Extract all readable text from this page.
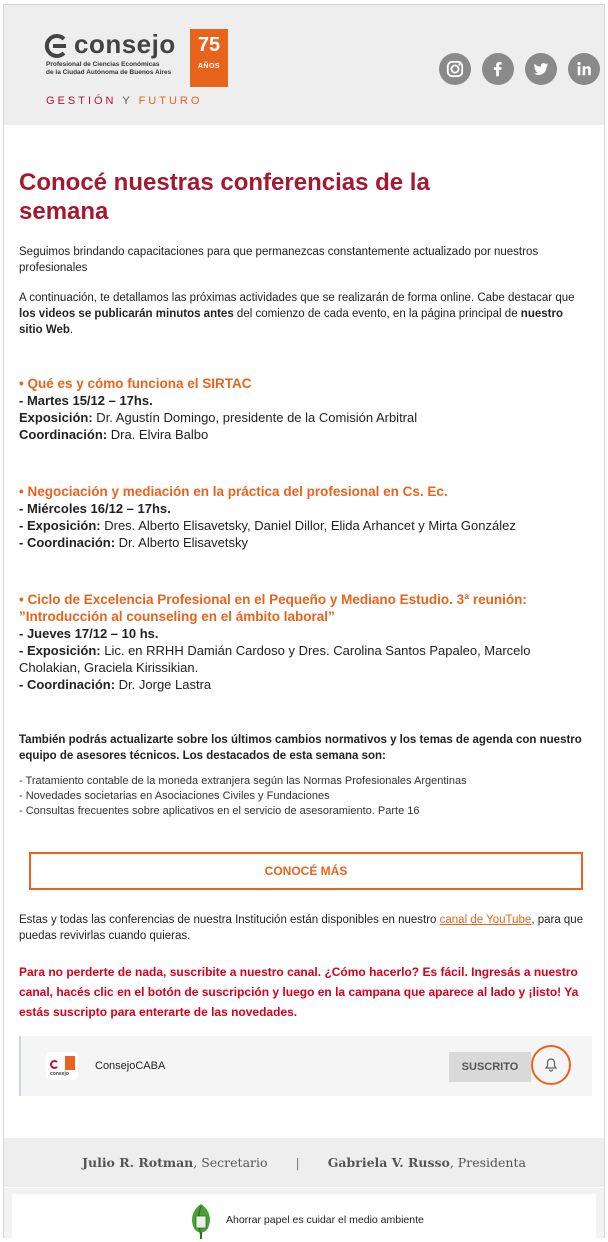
consejo
Profesional de Ciencias Económicas
de la Ciudad Autónoma de Buenos Aires
75
AÑOS
GESTIÓN Y FUTURO
Conocé nuestras conferencias de la semana

Seguimos brindando capacitaciones para que permanezcas constantemente actualizado por nuestros profesionales

A continuación, te detallamos las próximas actividades que se realizarán de forma online. Cabe destacar que los videos se publicarán minutos antes del comienzo de cada evento, en la página principal de nuestro sitio Web.

• Qué es y cómo funciona el SIRTAC
- Martes 15/12 – 17hs.
Exposición: Dr. Agustín Domingo, presidente de la Comisión Arbitral
Coordinación: Dra. Elvira Balbo
• Negociación y mediación en la práctica del profesional en Cs. Ec.
- Miércoles 16/12 – 17hs.
- Exposición: Dres. Alberto Elisavetsky, Daniel Dillor, Elida Arhancet y Mirta González
- Coordinación: Dr. Alberto Elisavetsky
• Ciclo de Excelencia Profesional en el Pequeño y Mediano Estudio. 3ª reunión: ”Introducción al counseling en el ámbito laboral”
- Jueves 17/12 – 10 hs.
- Exposición: Lic. en RRHH Damián Cardoso y Dres. Carolina Santos Papaleo, Marcelo Cholakian, Graciela Kirissikian.
- Coordinación: Dr. Jorge Lastra
También podrás actualizarte sobre los últimos cambios normativos y los temas de agenda con nuestro equipo de asesores técnicos. Los destacados de esta semana son:
- Tratamiento contable de la moneda extranjera según las Normas Profesionales Argentinas
- Novedades societarias en Asociaciones Civiles y Fundaciones
- Consultas frecuentes sobre aplicativos en el servicio de asesoramiento. Parte 16
CONOCÉ MÁS

Estas y todas las conferencias de nuestra Institución están disponibles en nuestro canal de YouTube, para que puedas revivirlas cuando quieras.

Para no perderte de nada, suscribite a nuestro canal. ¿Cómo hacerlo? Es fácil. Ingresás a nuestro canal, hacés clic en el botón de suscripción y luego en la campana que aparece al lado y ¡listo! Ya estás suscripto para enterarte de las novedades.

consejo
ConsejoCABA	SUSCRITO
Julio R. Rotman, Secretario | Gabriela V. Russo, Presidenta
Ahorrar papel es cuidar el medio ambiente
